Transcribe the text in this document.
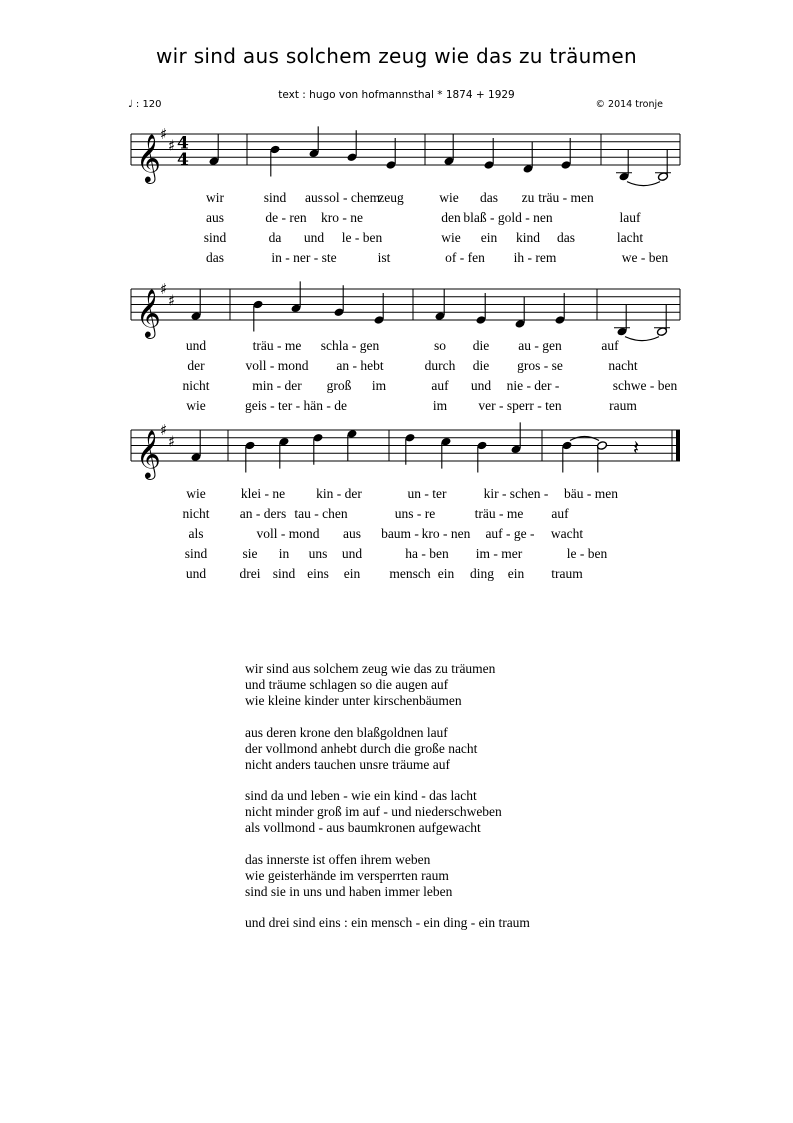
wir sind aus solchem zeug wie das zu träumen
text : hugo von hofmannsthal * 1874 + 1929
♩ : 120	© 2014 tronje
𝄞 ♯
♯ 4
4
𝄞 ♯
♯
𝄞 ♯
♯	𝄽
wir	sind aus sol - chem
zeug	wie das zu träu - men
aus	de - ren kro - ne	den blaß - gold - nen	lauf
sind	da und le - ben	wie ein kind das	lacht
das	in - ner - ste	ist	of - fen ih - rem	we - ben
und	träu - me schla - gen	so die au - gen	auf
der	voll - mond an - hebt	durch die gros - se	nacht
nicht	min - der groß im	auf und nie - der -	schwe - ben
wie	geis - ter - hän - de	im ver - sperr - ten	raum
wie	klei - ne kin - der	un - ter	kir - schen - bäu - men
nicht an - ders tau - chen	uns - re	träu - me auf
als	voll - mond aus baum - kro - nen auf - ge - wacht
sind	sie in uns und	ha - ben im - mer	le - ben
und drei sind eins ein mensch ein ding ein traum
wir sind aus solchem zeug wie das zu träumen
und träume schlagen so die augen auf
wie kleine kinder unter kirschenbäumen
aus deren krone den blaßgoldnen lauf
der vollmond anhebt durch die große nacht
nicht anders tauchen unsre träume auf
sind da und leben - wie ein kind - das lacht
nicht minder groß im auf - und niederschweben
als vollmond - aus baumkronen aufgewacht
das innerste ist offen ihrem weben
wie geisterhände im versperrten raum
sind sie in uns und haben immer leben
und drei sind eins : ein mensch - ein ding - ein traum
